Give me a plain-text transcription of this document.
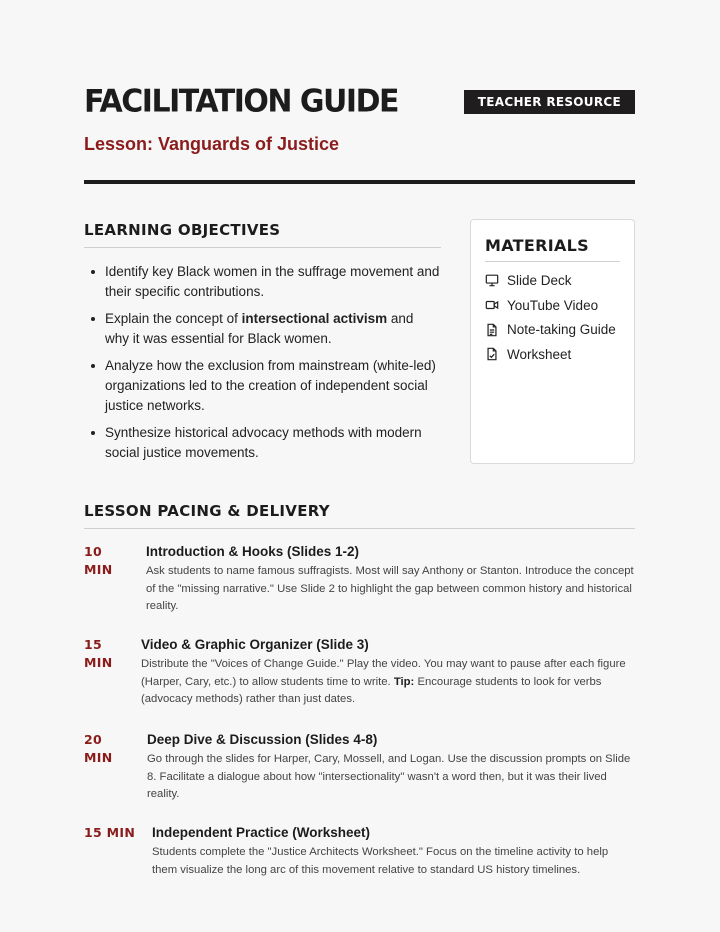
FACILITATION GUIDE	TEACHER RESOURCE
Lesson: Vanguards of Justice
LEARNING OBJECTIVES
Identify key Black women in the suffrage movement and their specific contributions.
Explain the concept of intersectional activism and why it was essential for Black women.
Analyze how the exclusion from mainstream (white-led) organizations led to the creation of independent social justice networks.
Synthesize historical advocacy methods with modern social justice movements.
MATERIALS
Slide Deck
YouTube Video
Note-taking Guide
Worksheet
LESSON PACING & DELIVERY
10
MIN
Introduction & Hooks (Slides 1-2)
Ask students to name famous suffragists. Most will say Anthony or Stanton. Introduce the concept of the "missing narrative." Use Slide 2 to highlight the gap between common history and historical reality.
15
MIN
Video & Graphic Organizer (Slide 3)
Distribute the "Voices of Change Guide." Play the video. You may want to pause after each figure (Harper, Cary, etc.) to allow students time to write. Tip: Encourage students to look for verbs (advocacy methods) rather than just dates.
20
MIN
Deep Dive & Discussion (Slides 4-8)
Go through the slides for Harper, Cary, Mossell, and Logan. Use the discussion prompts on Slide 8. Facilitate a dialogue about how "intersectionality" wasn't a word then, but it was their lived reality.
15 MIN Independent Practice (Worksheet)
Students complete the "Justice Architects Worksheet." Focus on the timeline activity to help them visualize the long arc of this movement relative to standard US history timelines.
